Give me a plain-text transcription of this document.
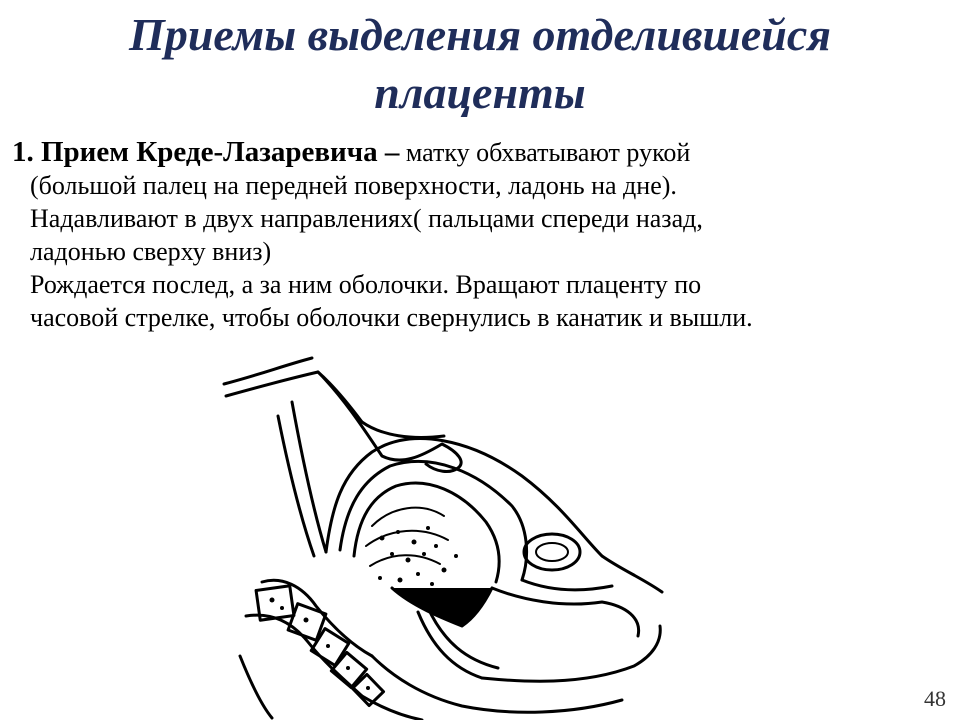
Приемы выделения отделившейся
плаценты
1. Прием Креде-Лазаревича – матку обхватывают рукой
(большой палец на передней поверхности, ладонь на дне).
Надавливают в двух направлениях( пальцами спереди назад,
ладонью сверху вниз)
Рождается послед, а за ним оболочки. Вращают плаценту по
часовой стрелке, чтобы оболочки свернулись в канатик и вышли.
48
